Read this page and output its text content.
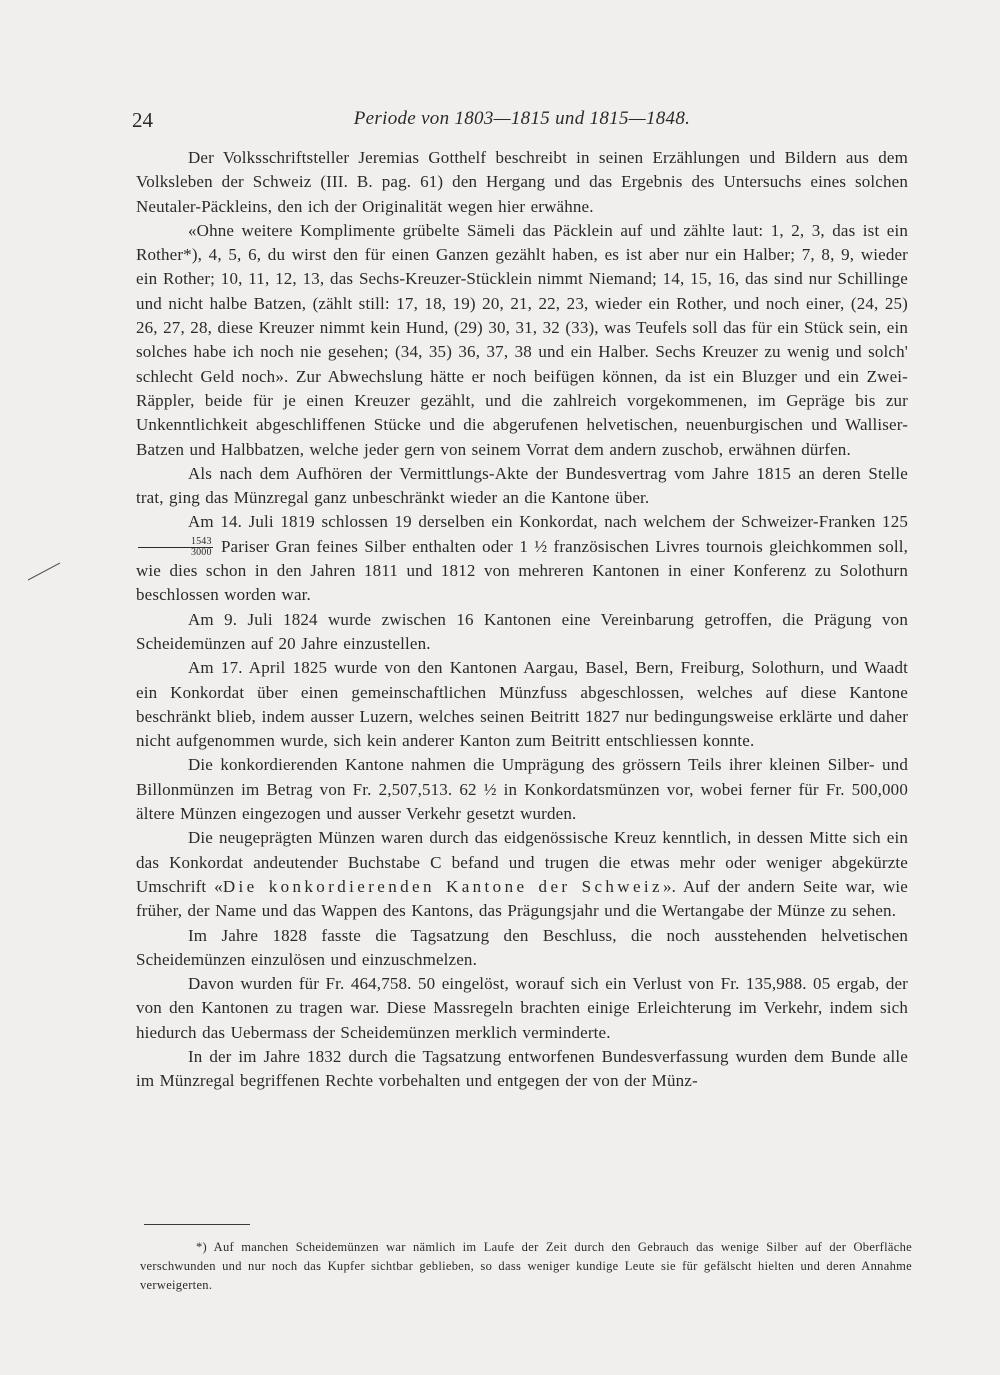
24	Periode von 1803—1815 und 1815—1848.

Der Volksschriftsteller Jeremias Gotthelf beschreibt in seinen Erzählungen und Bildern aus dem Volksleben der Schweiz (III. B. pag. 61) den Hergang und das Ergebnis des Untersuchs eines solchen Neutaler-Päckleins, den ich der Originalität wegen hier erwähne.

«Ohne weitere Komplimente grübelte Sämeli das Päcklein auf und zählte laut: 1, 2, 3, das ist ein Rother*), 4, 5, 6, du wirst den für einen Ganzen gezählt haben, es ist aber nur ein Halber; 7, 8, 9, wieder ein Rother; 10, 11, 12, 13, das Sechs-Kreuzer-Stücklein nimmt Niemand; 14, 15, 16, das sind nur Schillinge und nicht halbe Batzen, (zählt still: 17, 18, 19) 20, 21, 22, 23, wieder ein Rother, und noch einer, (24, 25) 26, 27, 28, diese Kreuzer nimmt kein Hund, (29) 30, 31, 32 (33), was Teufels soll das für ein Stück sein, ein solches habe ich noch nie gesehen; (34, 35) 36, 37, 38 und ein Halber. Sechs Kreuzer zu wenig und solch' schlecht Geld noch». Zur Abwechslung hätte er noch beifügen können, da ist ein Bluzger und ein Zwei-Räppler, beide für je einen Kreuzer gezählt, und die zahlreich vorgekommenen, im Gepräge bis zur Unkenntlichkeit abgeschliffenen Stücke und die abgerufenen helvetischen, neuenburgischen und Walliser-Batzen und Halbbatzen, welche jeder gern von seinem Vorrat dem andern zuschob, erwähnen dürfen.

Als nach dem Aufhören der Vermittlungs-Akte der Bundesvertrag vom Jahre 1815 an deren Stelle trat, ging das Münzregal ganz unbeschränkt wieder an die Kantone über.

Am 14. Juli 1819 schlossen 19 derselben ein Konkordat, nach welchem der Schweizer-Franken 125
$\frac{1543}{3000}$ Pariser Gran feines Silber enthalten oder 1 ½ französischen Livres tournois gleichkommen soll, wie dies schon in den Jahren 1811 und 1812 von mehreren Kantonen in einer Konferenz zu Solothurn beschlossen worden war.

Am 9. Juli 1824 wurde zwischen 16 Kantonen eine Vereinbarung getroffen, die Prägung von Scheidemünzen auf 20 Jahre einzustellen.

Am 17. April 1825 wurde von den Kantonen Aargau, Basel, Bern, Freiburg, Solothurn, und Waadt ein Konkordat über einen gemeinschaftlichen Münzfuss abgeschlossen, welches auf diese Kantone beschränkt blieb, indem ausser Luzern, welches seinen Beitritt 1827 nur bedingungsweise erklärte und daher nicht aufgenommen wurde, sich kein anderer Kanton zum Beitritt entschliessen konnte.

Die konkordierenden Kantone nahmen die Umprägung des grössern Teils ihrer kleinen Silber- und Billonmünzen im Betrag von Fr. 2,507,513. 62 ½ in Konkordatsmünzen vor, wobei ferner für Fr. 500,000 ältere Münzen eingezogen und ausser Verkehr gesetzt wurden.

Die neugeprägten Münzen waren durch das eidgenössische Kreuz kenntlich, in dessen Mitte sich ein das Konkordat andeutender Buchstabe C befand und trugen die etwas mehr oder weniger abgekürzte Umschrift «Die konkordierenden Kantone der Schweiz». Auf der andern Seite war, wie früher, der Name und das Wappen des Kantons, das Prägungsjahr und die Wertangabe der Münze zu sehen.

Im Jahre 1828 fasste die Tagsatzung den Beschluss, die noch ausstehenden helvetischen Scheidemünzen einzulösen und einzuschmelzen.

Davon wurden für Fr. 464,758. 50 eingelöst, worauf sich ein Verlust von Fr. 135,988. 05 ergab, der von den Kantonen zu tragen war. Diese Massregeln brachten einige Erleichterung im Verkehr, indem sich hiedurch das Uebermass der Scheidemünzen merklich verminderte.

In der im Jahre 1832 durch die Tagsatzung entworfenen Bundesverfassung wurden dem Bunde alle im Münzregal begriffenen Rechte vorbehalten und entgegen der von der Münz-

*) Auf manchen Scheidemünzen war nämlich im Laufe der Zeit durch den Gebrauch das wenige Silber auf der Oberfläche verschwunden und nur noch das Kupfer sichtbar geblieben, so dass weniger kundige Leute sie für gefälscht hielten und deren Annahme verweigerten.
